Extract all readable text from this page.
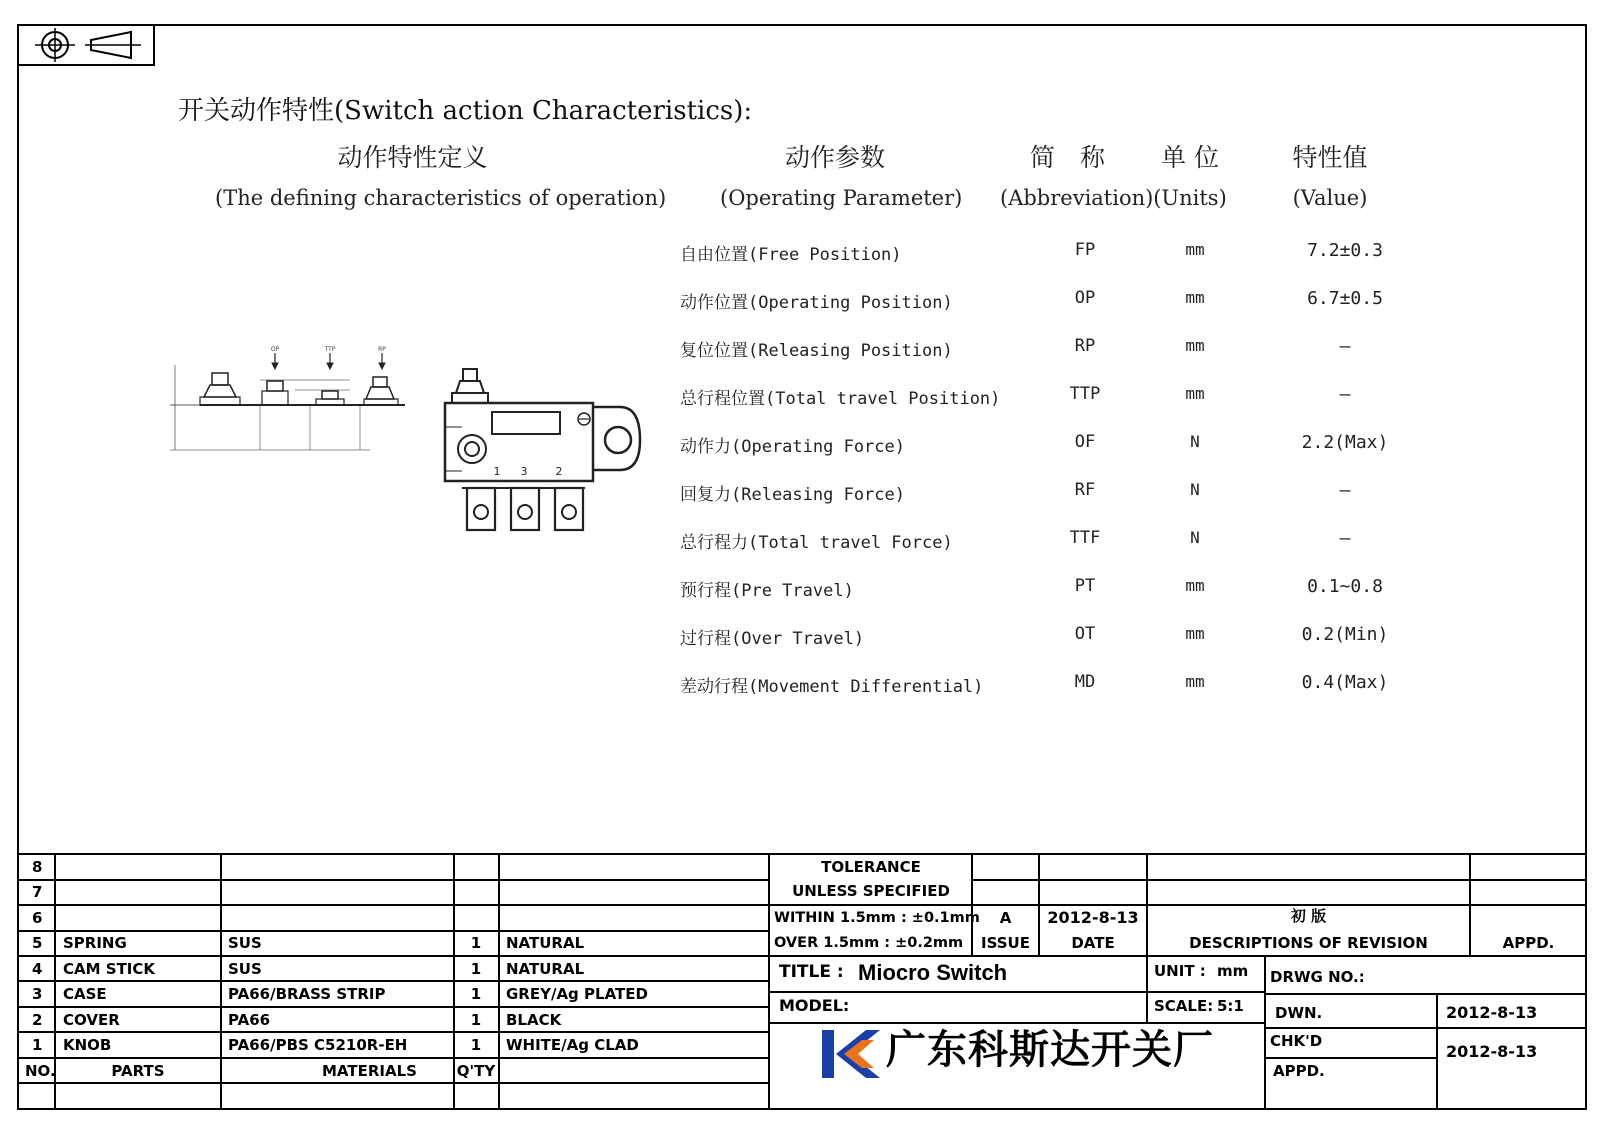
开关动作特性(Switch action Characteristics):
动作特性定义
(The defining characteristics of operation)
动作参数
(Operating Parameter)
简　称
(Abbreviation)
单 位
(Units)
特性值
(Value)
自由位置(Free Position)	FP	mm	7.2±0.3
动作位置(Operating Position)	OP	mm	6.7±0.5
复位位置(Releasing Position)	RP	mm	—
总行程位置(Total travel Position)	TTP	mm	—
动作力(Operating Force)	OF	N	2.2(Max)
回复力(Releasing Force)	RF	N	—
总行程力(Total travel Force)	TTF	N	—
预行程(Pre Travel)	PT	mm	0.1~0.8
过行程(Over Travel)	OT	mm	0.2(Min)
差动行程(Movement Differential)	MD	mm	0.4(Max)
1 3	2
OP	TTP	RP
8
7
6
5 SPRING	SUS	1	NATURAL
4 CAM STICK	SUS	1	NATURAL
3 CASE	PA66/BRASS STRIP	1	GREY/Ag PLATED
2 COVER	PA66	1	BLACK
1 KNOB	PA66/PBS C5210R-EH	1	WHITE/Ag CLAD
NO.	PARTS	MATERIALS	Q'TY
TOLERANCE
UNLESS SPECIFIED
WITHIN 1.5mm : ±0.1mm
OVER 1.5mm : ±0.2mm
A	2012-8-13	初 版
ISSUE	DATE	DESCRIPTIONS OF REVISION	APPD.
TITLE : Miocro Switch
MODEL:
UNIT : mm
SCALE: 5:1
DRWG NO.:
DWN.	2012-8-13
CHK'D
2012-8-13
APPD.
广东科斯达开关厂
